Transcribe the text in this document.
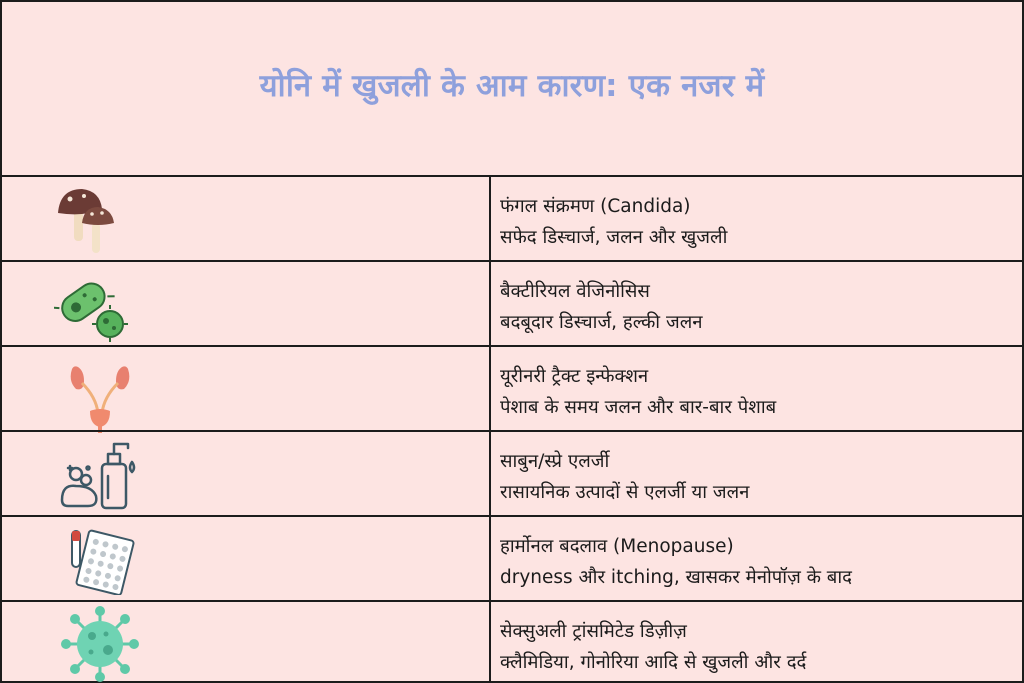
योनि में खुजली के आम कारण: एक नजर में
फंगल संक्रमण (Candida)
सफेद डिस्चार्ज, जलन और खुजली
बैक्टीरियल वेजिनोसिस
बदबूदार डिस्चार्ज, हल्की जलन
यूरीनरी ट्रैक्ट इन्फेक्शन
पेशाब के समय जलन और बार-बार पेशाब
साबुन/स्प्रे एलर्जी
रासायनिक उत्पादों से एलर्जी या जलन
हार्मोनल बदलाव (Menopause)
dryness और itching, खासकर मेनोपॉज़ के बाद
सेक्सुअली ट्रांसमिटेड डिज़ीज़
क्लैमिडिया, गोनोरिया आदि से खुजली और दर्द
